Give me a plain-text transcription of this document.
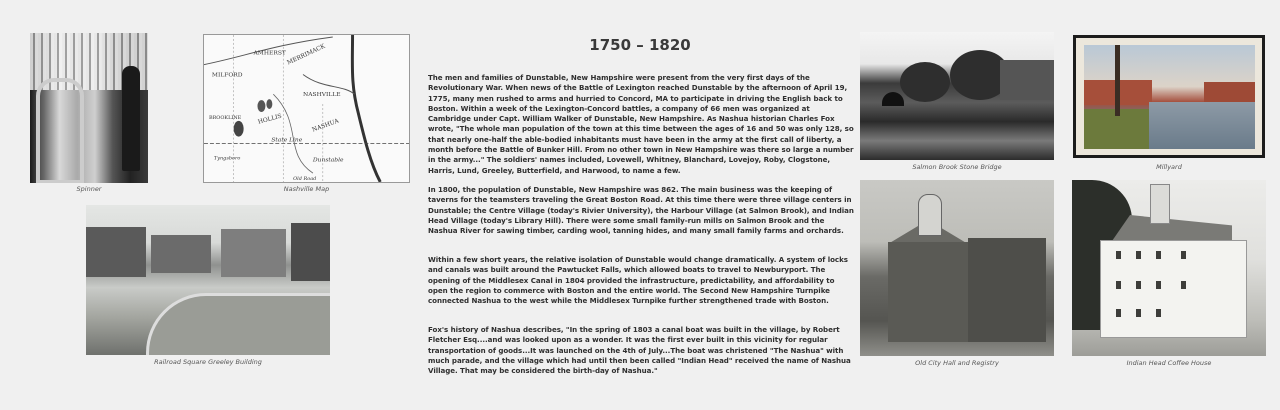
Spinner
AMHERST MERRIMACK
MILFORD
NASHVILLE
HOLLIS
BROOKLINE	NASHUA
State Line
Dunstable
Tyngsboro
Old Road
Nashville Map
Railroad Square Greeley Building
1750 – 1820
The men and families of Dunstable, New Hampshire were present from the very first days of the Revolutionary War. When news of the Battle of Lexington reached Dunstable by the afternoon of April 19, 1775, many men rushed to arms and hurried to Concord, MA to participate in driving the English back to Boston. Within a week of the Lexington-Concord battles, a company of 66 men was organized at Cambridge under Capt. William Walker of Dunstable, New Hampshire. As Nashua historian Charles Fox wrote, "The whole man population of the town at this time between the ages of 16 and 50 was only 128, so that nearly one-half the able-bodied inhabitants must have been in the army at the first call of liberty, a month before the Battle of Bunker Hill. From no other town in New Hampshire was there so large a number in the army..." The soldiers' names included, Lovewell, Whitney, Blanchard, Lovejoy, Roby, Clogstone, Harris, Lund, Greeley, Butterfield, and Harwood, to name a few.
In 1800, the population of Dunstable, New Hampshire was 862. The main business was the keeping of taverns for the teamsters traveling the Great Boston Road. At this time there were three village centers in Dunstable; the Centre Village (today's Rivier University), the Harbour Village (at Salmon Brook), and Indian Head Village (today's Library Hill). There were some small family-run mills on Salmon Brook and the Nashua River for sawing timber, carding wool, tanning hides, and many small family farms and orchards.
Within a few short years, the relative isolation of Dunstable would change dramatically. A system of locks and canals was built around the Pawtucket Falls, which allowed boats to travel to Newburyport. The opening of the Middlesex Canal in 1804 provided the infrastructure, predictability, and affordability to open the region to commerce with Boston and the entire world. The Second New Hampshire Turnpike connected Nashua to the west while the Middlesex Turnpike further strengthened trade with Boston.
Fox's history of Nashua describes, "In the spring of 1803 a canal boat was built in the village, by Robert Fletcher Esq....and was looked upon as a wonder. It was the first ever built in this vicinity for regular transportation of goods...It was launched on the 4th of July...The boat was christened "The Nashua" with much parade, and the village which had until then been called "Indian Head" received the name of Nashua Village. That may be considered the birth-day of Nashua."
Salmon Brook Stone Bridge	Millyard
Old City Hall and Registry	Indian Head Coffee House
